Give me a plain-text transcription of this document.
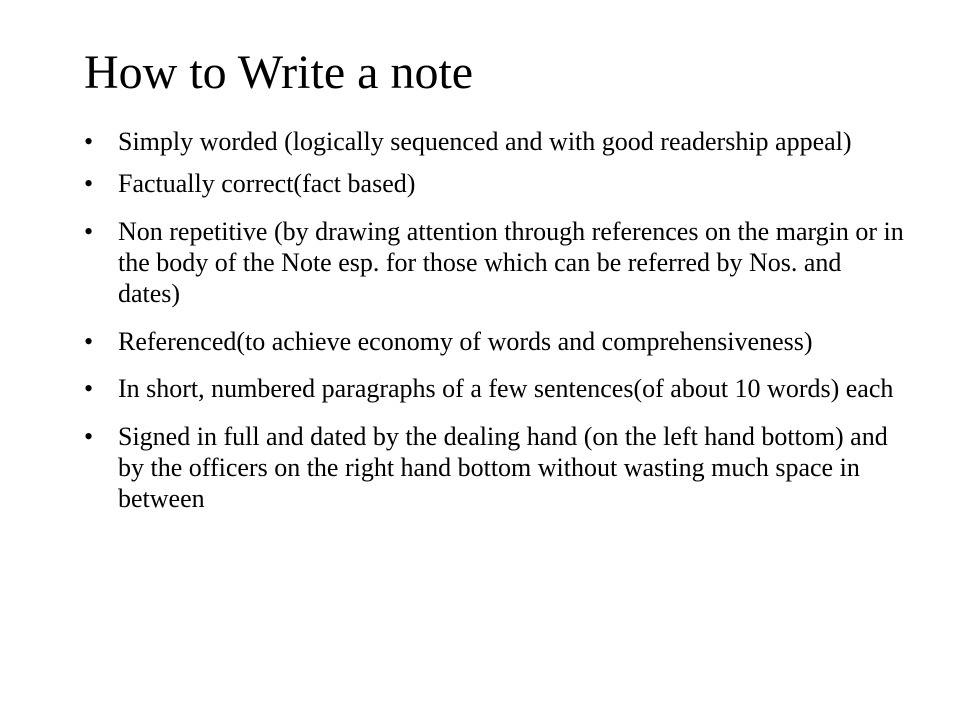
How to Write a note
• Simply worded (logically sequenced and with good readership appeal)
• Factually correct(fact based)
• Non repetitive (by drawing attention through references on the margin or in the body of the Note esp. for those which can be referred by Nos. and dates)
• Referenced(to achieve economy of words and comprehensiveness)
• In short, numbered paragraphs of a few sentences(of about 10 words) each
• Signed in full and dated by the dealing hand (on the left hand bottom) and by the officers on the right hand bottom without wasting much space in between
